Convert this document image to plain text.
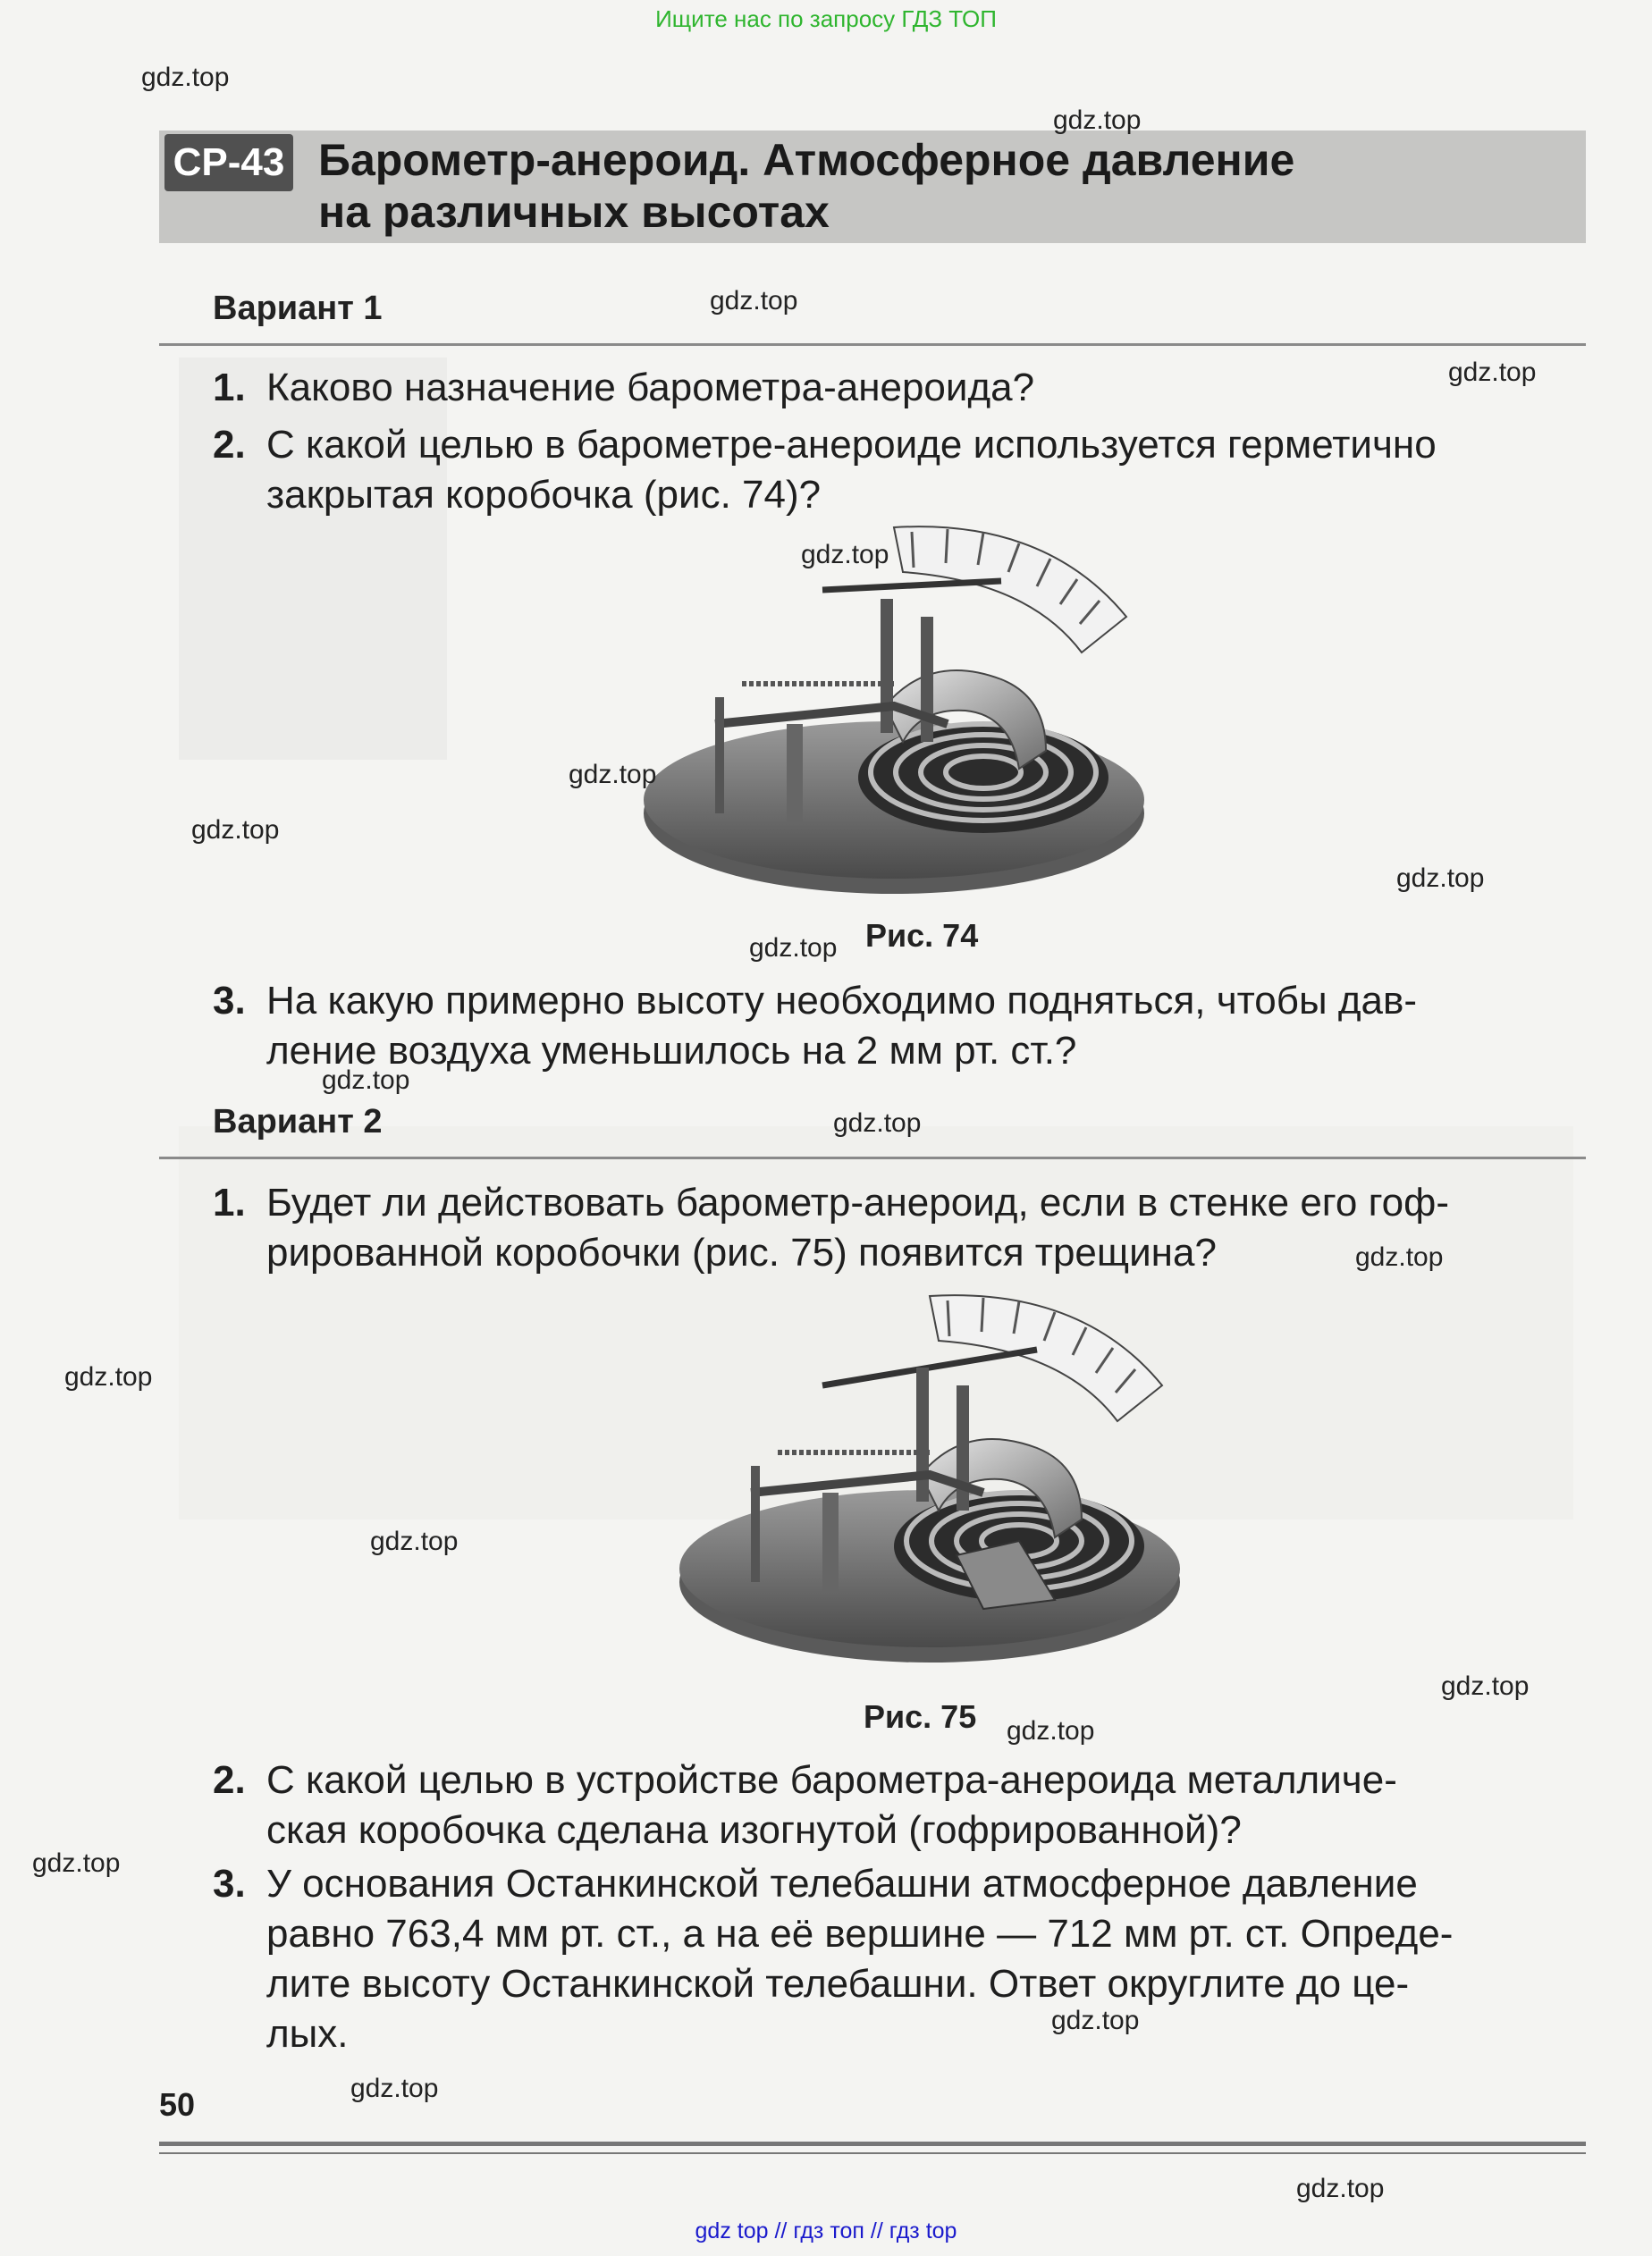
Ищите нас по запросу ГДЗ ТОП
СР-43 Барометр-анероид. Атмосферное давление
на различных высотах
Вариант 1
1. Каково назначение барометра-анероида?
2. С какой целью в барометре-анероиде используется герметично
закрытая коробочка (рис. 74)?
Рис. 74
3. На какую примерно высоту необходимо подняться, чтобы дав-
ление воздуха уменьшилось на 2 мм рт. ст.?
Вариант 2
1. Будет ли действовать барометр-анероид, если в стенке его гоф-
рированной коробочки (рис. 75) появится трещина?
Рис. 75
2. С какой целью в устройстве барометра-анероида металличе-
ская коробочка сделана изогнутой (гофрированной)?
3. У основания Останкинской телебашни атмосферное давление
равно 763,4 мм рт. ст., а на её вершине — 712 мм рт. ст. Опреде-
лите высоту Останкинской телебашни. Ответ округлите до це-
лых.
50
gdz.top
gdz.top
gdz.top
gdz.top
gdz.top
gdz.top
gdz.top
gdz.top
gdz.top
gdz.top
gdz.top
gdz.top
gdz.top
gdz.top
gdz.top
gdz.top
gdz.top
gdz.top
gdz.top
gdz.top
gdz top // гдз топ // гдз top
